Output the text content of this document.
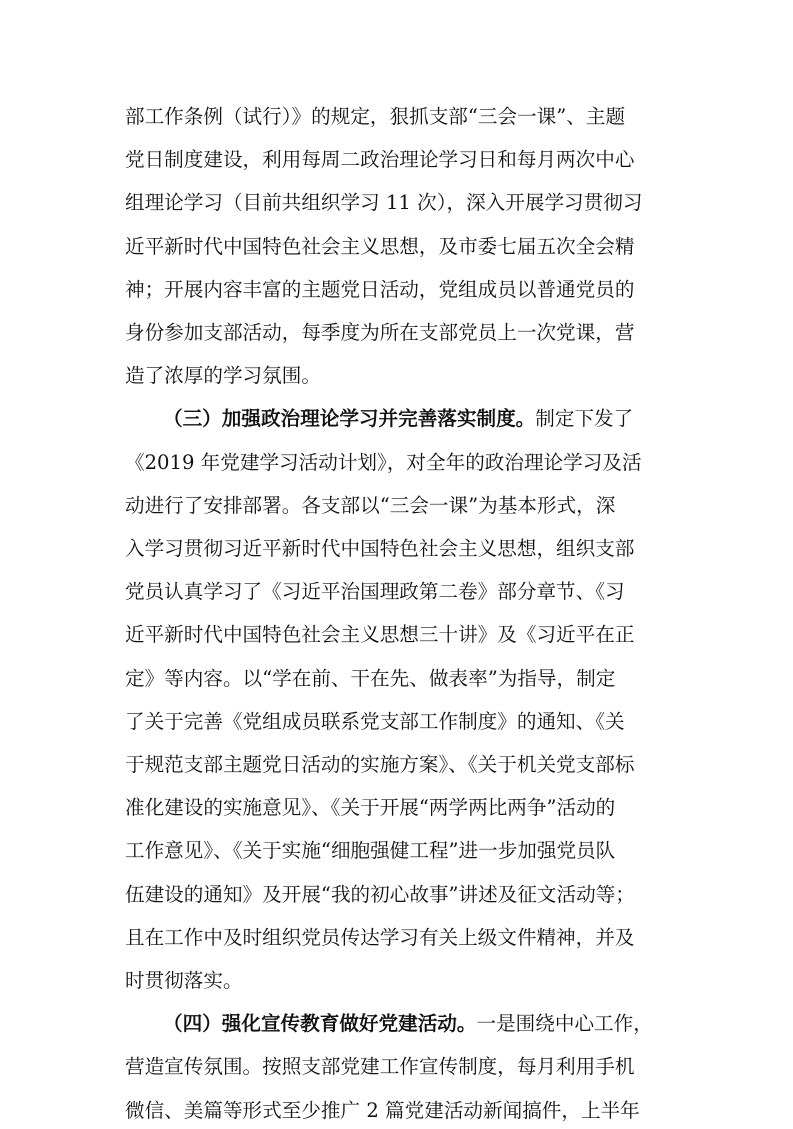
部工作条例（试行）》的规定，狠抓支部“三会一课”、主题
党日制度建设，利用每周二政治理论学习日和每月两次中心
组理论学习（目前共组织学习 11 次），深入开展学习贯彻习
近平新时代中国特色社会主义思想，及市委七届五次全会精
神；开展内容丰富的主题党日活动，党组成员以普通党员的
身份参加支部活动，每季度为所在支部党员上一次党课，营
造了浓厚的学习氛围。
（三）加强政治理论学习并完善落实制度。制定下发了
《2019 年党建学习活动计划》，对全年的政治理论学习及活
动进行了安排部署。各支部以“三会一课”为基本形式，深
入学习贯彻习近平新时代中国特色社会主义思想，组织支部
党员认真学习了《习近平治国理政第二卷》部分章节、《习
近平新时代中国特色社会主义思想三十讲》及《习近平在正
定》等内容。以“学在前、干在先、做表率”为指导，制定
了关于完善《党组成员联系党支部工作制度》的通知、《关
于规范支部主题党日活动的实施方案》、《关于机关党支部标
准化建设的实施意见》、《关于开展“两学两比两争”活动的
工作意见》、《关于实施“细胞强健工程”进一步加强党员队
伍建设的通知》及开展“我的初心故事”讲述及征文活动等；
且在工作中及时组织党员传达学习有关上级文件精神，并及
时贯彻落实。
（四）强化宣传教育做好党建活动。一是围绕中心工作，
营造宣传氛围。按照支部党建工作宣传制度，每月利用手机
微信、美篇等形式至少推广 2 篇党建活动新闻搞件，上半年
